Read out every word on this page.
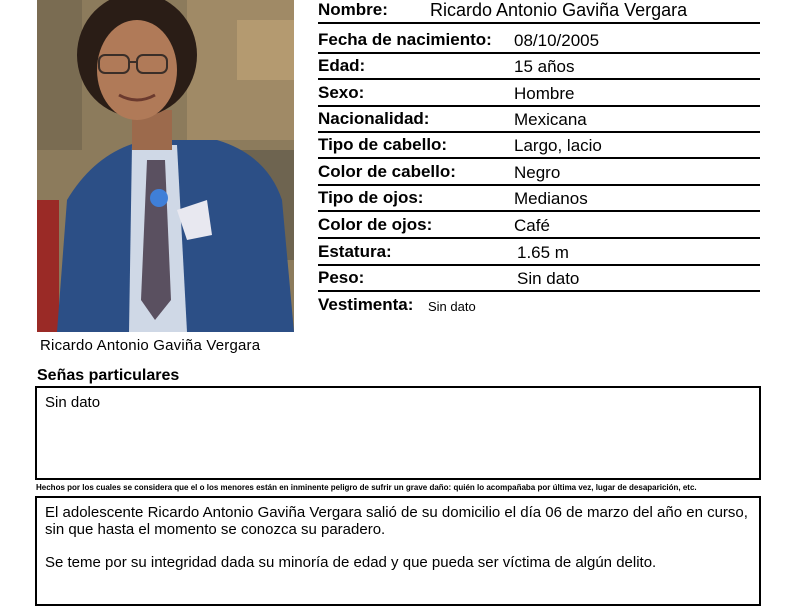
Ricardo Antonio Gaviña Vergara
Nombre: Ricardo Antonio Gaviña Vergara
Fecha de nacimiento: 08/10/2005
Edad:	15 años
Sexo:	Hombre
Nacionalidad:	Mexicana
Tipo de cabello:	Largo, lacio
Color de cabello:	Negro
Tipo de ojos:	Medianos
Color de ojos:	Café
Estatura:	1.65 m
Peso:	Sin dato
Vestimenta: Sin dato
Señas particulares
Sin dato
Hechos por los cuales se considera que el o los menores están en inminente peligro de sufrir un grave daño: quién lo acompañaba por última vez, lugar de desaparición, etc.

El adolescente Ricardo Antonio Gaviña Vergara salió de su domicilio el día 06 de marzo del año en curso, sin que hasta el momento se conozca su paradero.

Se teme por su integridad dada su minoría de edad y que pueda ser víctima de algún delito.
